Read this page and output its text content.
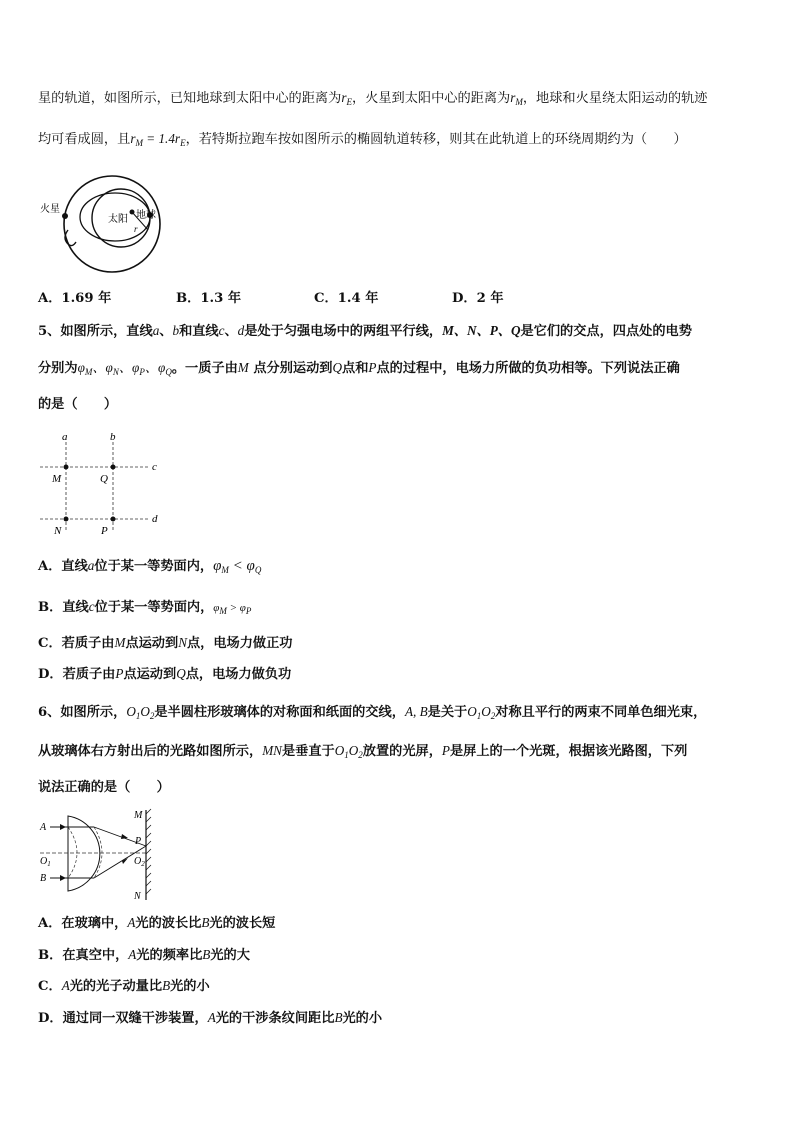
星的轨道，如图所示，已知地球到太阳中心的距离为$r_E$，火星到太阳中心的距离为$r_M$，地球和火星绕太阳运动的轨迹
均可看成圆，且$r_M = 1.4r_E$，若特斯拉跑车按如图所示的椭圆轨道转移，则其在此轨道上的环绕周期约为（　　）
火星
太阳 地球
r
A．1.69 年	B．1.3 年	C．1.4 年	D．2 年
5、如图所示，直线a、b和直线c、d是处于匀强电场中的两组平行线，M、N、P、Q是它们的交点，四点处的电势
分别为$\varphi_M$、$\varphi_N$、$\varphi_P$、$\varphi_Q$。一质子由M 点分别运动到Q点和P点的过程中，电场力所做的负功相等。下列说法正确
的是（　　）
a	b
c
d
M	Q
N	P
A．直线a位于某一等势面内，$\varphi_M < \varphi_Q$
B．直线c位于某一等势面内，$\varphi_M > \varphi_P$
C．若质子由M点运动到N点，电场力做正功
D．若质子由P点运动到Q点，电场力做负功
6、如图所示，$O_1O_2$是半圆柱形玻璃体的对称面和纸面的交线，A, B是关于$O_1O_2$对称且平行的两束不同单色细光束，
从玻璃体右方射出后的光路如图所示，MN是垂直于$O_1O_2$放置的光屏，P是屏上的一个光斑，根据该光路图，下列
说法正确的是（　　）
A
B
$O_1$	$O_2$
M
P
N
A．在玻璃中，A光的波长比B光的波长短
B．在真空中，A光的频率比B光的大
C．A光的光子动量比B光的小
D．通过同一双缝干涉装置，A光的干涉条纹间距比B光的小
